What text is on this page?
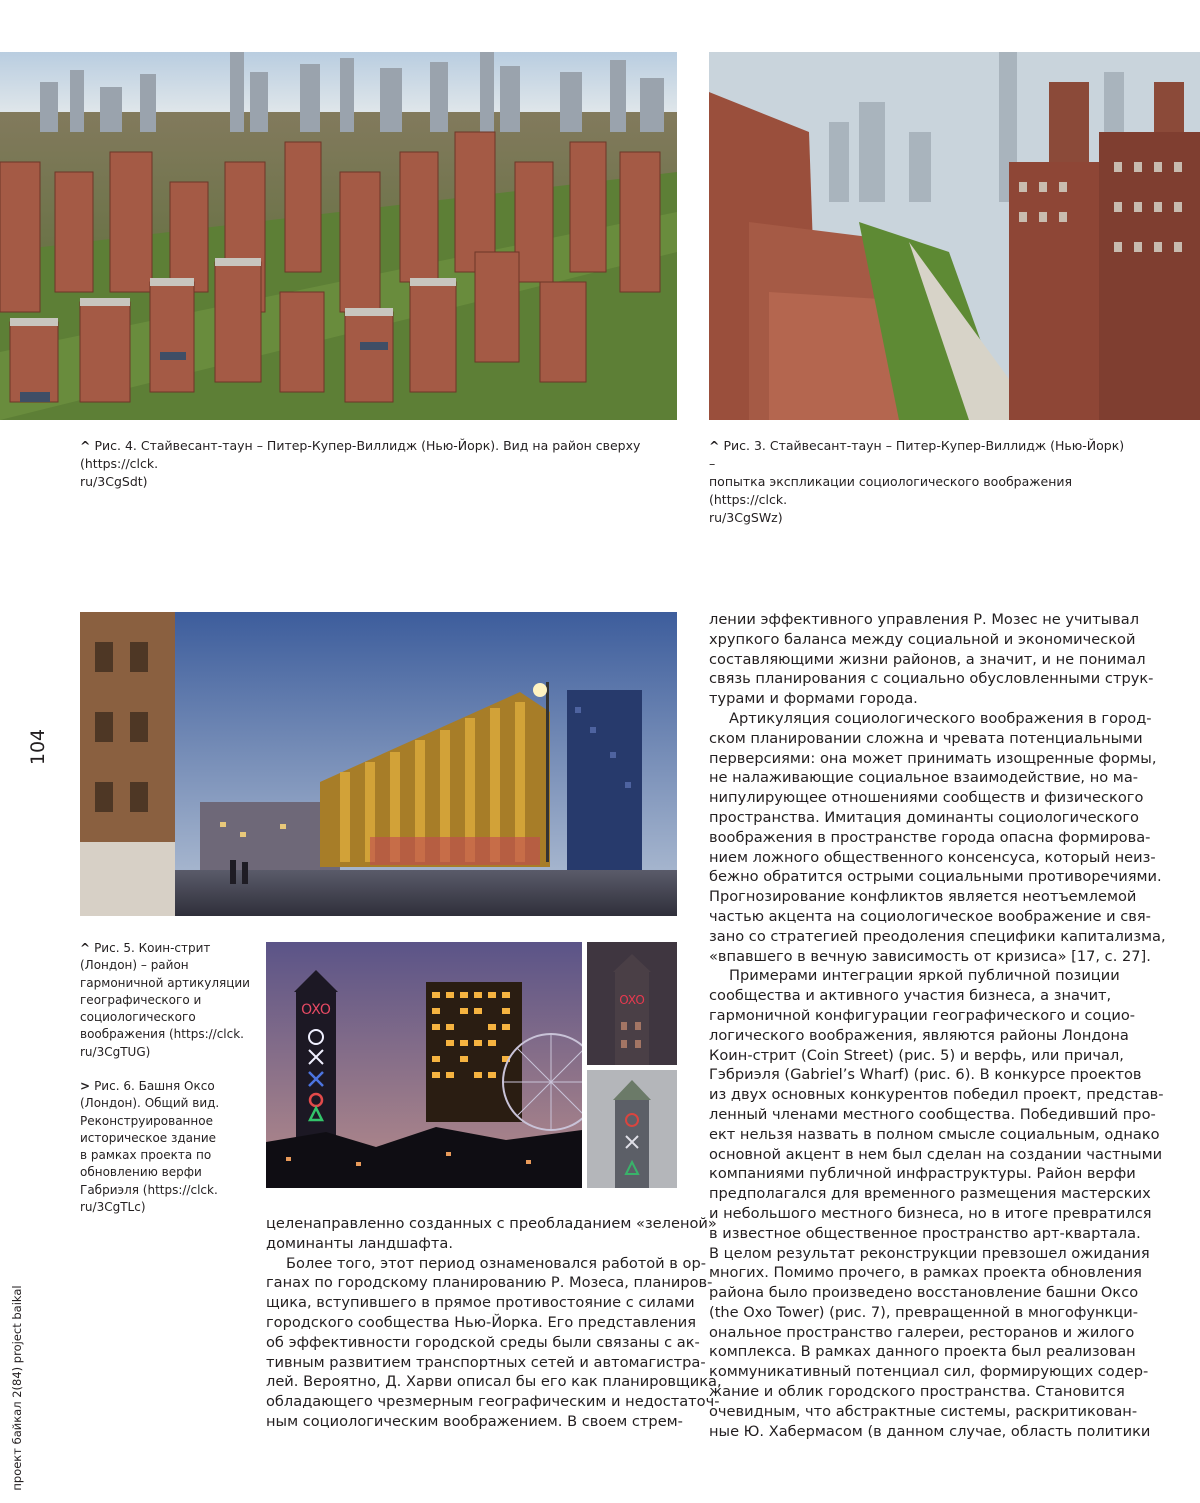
^ Рис. 4. Стайвесант-таун – Питер-Купер-Виллидж (Нью-Йорк). Вид на район сверху (https://clck.

ru/3CgSdt)

^ Рис. 3. Стайвесант-таун – Питер-Купер-Виллидж (Нью-Йорк) –

попытка экспликации социологического воображения (https://clck.

ru/3CgSWz)

104
проект байкал 2(84) project baikal

^ Рис. 5. Коин-стрит

(Лондон) – район

гармоничной артикуляции

географического и

социологического

воображения (https://clck.

ru/3CgTUG)

> Рис. 6. Башня Оксо

(Лондон). Общий вид.

Реконструированное

историческое здание

в рамках проекта по

обновлению верфи

Габриэля (https://clck.

ru/3CgTLc)

OXO
OXO
целенаправленно созданных с преобладанием «зеленой»
доминанты ландшафта.
Более того, этот период ознаменовался работой в ор-
ганах по городскому планированию Р. Мозеса, планиров-
щика, вступившего в прямое противостояние с силами
городского сообщества Нью-Йорка. Его представления
об эффективности городской среды были связаны с ак-
тивным развитием транспортных сетей и автомагистра-
лей. Вероятно, Д. Харви описал бы его как планировщика,
обладающего чрезмерным географическим и недостаточ-
ным социологическим воображением. В своем стрем-
лении эффективного управления Р. Мозес не учитывал
хрупкого баланса между социальной и экономической
составляющими жизни районов, а значит, и не понимал
связь планирования с социально обусловленными струк-
турами и формами города.
Артикуляция социологического воображения в город-
ском планировании сложна и чревата потенциальными
перверсиями: она может принимать изощренные формы,
не налаживающие социальное взаимодействие, но ма-
нипулирующее отношениями сообществ и физического
пространства. Имитация доминанты социологического
воображения в пространстве города опасна формирова-
нием ложного общественного консенсуса, который неиз-
бежно обратится острыми социальными противоречиями.
Прогнозирование конфликтов является неотъемлемой
частью акцента на социологическое воображение и свя-
зано со стратегией преодоления специфики капитализма,
«впавшего в вечную зависимость от кризиса» [17, с. 27].
Примерами интеграции яркой публичной позиции
сообщества и активного участия бизнеса, а значит,
гармоничной конфигурации географического и социо-
логического воображения, являются районы Лондона
Коин-стрит (Coin Street) (рис. 5) и верфь, или причал,
Гэбриэля (Gabriel’s Wharf) (рис. 6). В конкурсе проектов
из двух основных конкурентов победил проект, представ-
ленный членами местного сообщества. Победивший про-
ект нельзя назвать в полном смысле социальным, однако
основной акцент в нем был сделан на создании частными
компаниями публичной инфраструктуры. Район верфи
предполагался для временного размещения мастерских
и небольшого местного бизнеса, но в итоге превратился
в известное общественное пространство арт-квартала.
В целом результат реконструкции превзошел ожидания
многих. Помимо прочего, в рамках проекта обновления
района было произведено восстановление башни Оксо
(the Oxo Tower) (рис. 7), превращенной в многофункци-
ональное пространство галереи, ресторанов и жилого
комплекса. В рамках данного проекта был реализован
коммуникативный потенциал сил, формирующих содер-
жание и облик городского пространства. Становится
очевидным, что абстрактные системы, раскритикован-
ные Ю. Хабермасом (в данном случае, область политики
